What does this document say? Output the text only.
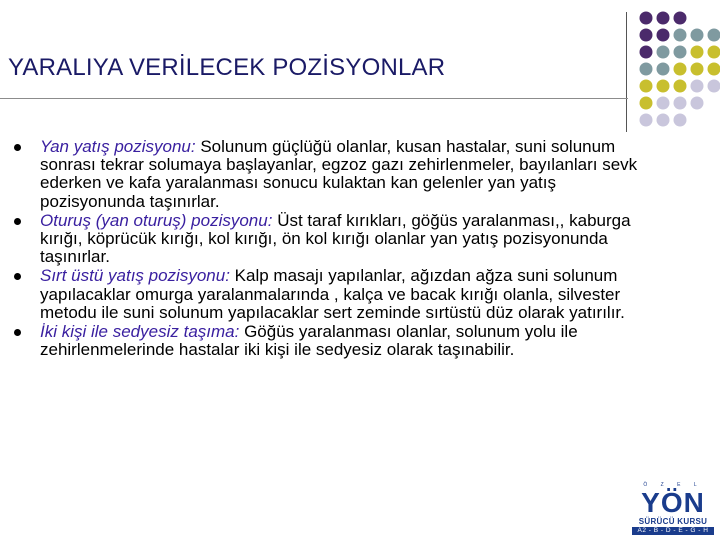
YARALIYA VERİLECEK POZİSYONLAR
Yan yatış pozisyonu: Solunum güçlüğü olanlar, kusan hastalar, suni solunum sonrası tekrar solumaya başlayanlar, egzoz gazı zehirlenmeler, bayılanları sevk ederken ve kafa yaralanması sonucu kulaktan kan gelenler yan yatış pozisyonunda taşınırlar.
Oturuş (yan oturuş) pozisyonu: Üst taraf kırıkları, göğüs yaralanması,, kaburga kırığı, köprücük kırığı, kol kırığı, ön kol kırığı olanlar yan yatış pozisyonunda taşınırlar.
Sırt üstü yatış pozisyonu: Kalp masajı yapılanlar, ağızdan ağza suni solunum yapılacaklar omurga yaralanmalarında , kalça ve bacak kırığı olanla, silvester metodu ile suni solunum yapılacaklar sert zeminde sırtüstü düz olarak yatırılır.
İki kişi ile sedyesiz taşıma: Göğüs yaralanması olanlar, solunum yolu ile zehirlenmelerinde hastalar iki kişi ile sedyesiz olarak taşınabilir.
Ö Z E L
YÖN
SÜRÜCÜ KURSU
A2 - B - D - E - G - H
